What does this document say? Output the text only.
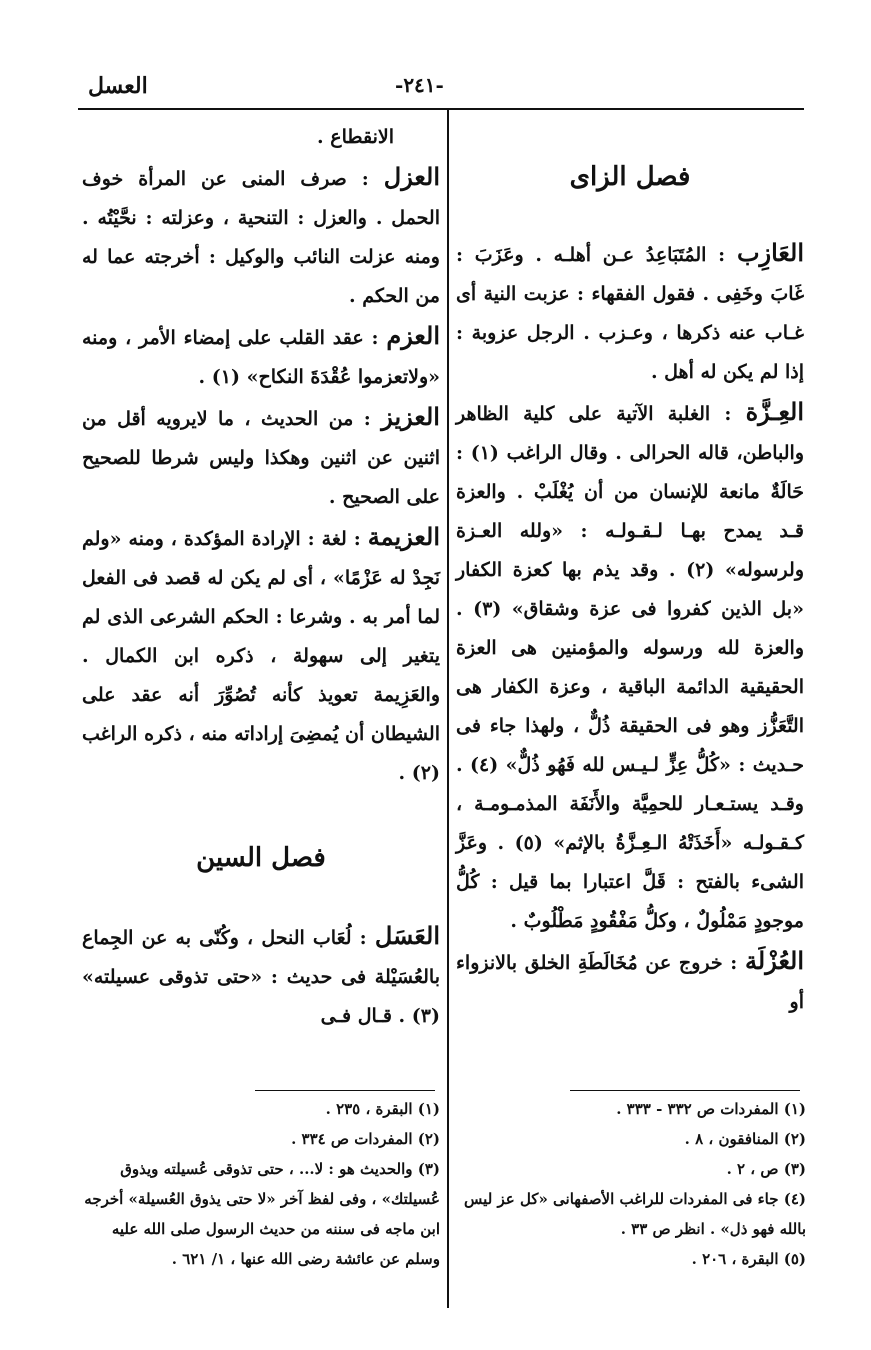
العسل	-٢٤١-
فصل الزاى

العَازِب : المُتَبَاعِدُ عـن أهلـه . وعَزَبَ : غَابَ وخَفِى . فقول الفقهاء : عزبت النية أى غـاب عنه ذكرها ، وعـزب . الرجل عزوبة : إذا لم يكن له أهل .

العِـزَّة : الغلبة الآتية على كلية الظاهر والباطن، قاله الحرالى . وقال الراغب (١) : حَالَةٌ مانعة للإنسان من أن يُغْلَبْ . والعزة قـد يمدح بهـا لـقـولـه : «ولله العـزة ولرسوله» (٢) . وقد يذم بها كعزة الكفار «بل الذين كفروا فى عزة وشقاق» (٣) . والعزة لله ورسوله والمؤمنين هى العزة الحقيقية الدائمة الباقية ، وعزة الكفار هى التَّعَزُّز وهو فى الحقيقة ذُلٌّ ، ولهذا جاء فى حـديث : «كُلُّ عِزٍّ لـيـس لله فَهُو ذُلٌّ» (٤) . وقـد يستـعـار للحمِيَّة والأَنَفَة المذمـومـة ، كـقـولـه «أَخَذَتْهُ الـعِـزَّةُ بالإثم» (٥) . وعَزَّ الشىء بالفتح : قَلَّ اعتبارا بما قيل : كُلُّ موجودٍ مَمْلُولٌ ، وكلُّ مَفْقُودٍ مَطْلُوبٌ .

العُزْلَة : خروج عن مُخَالَطَةِ الخلق بالانزواء أو

الانقطاع .

العزل : صرف المنى عن المرأة خوف الحمل . والعزل : التنحية ، وعزلته : نحَّيْتُه . ومنه عزلت النائب والوكيل : أخرجته عما له من الحكم .

العزم : عقد القلب على إمضاء الأمر ، ومنه «ولاتعزموا عُقْدَةَ النكاح» (١) .

العزيز : من الحديث ، ما لايرويه أقل من اثنين عن اثنين وهكذا وليس شرطا للصحيح على الصحيح .

العزيمة : لغة : الإرادة المؤكدة ، ومنه «ولم نَجِدْ له عَزْمًا» ، أى لم يكن له قصد فى الفعل لما أمر به . وشرعا : الحكم الشرعى الذى لم يتغير إلى سهولة ، ذكره ابن الكمال . والعَزِيمة تعويذ كأنه تُصُوِّرَ أنه عقد على الشيطان أن يُمضِىَ إراداته منه ، ذكره الراغب (٢) .

فصل السين

العَسَل : لُعَاب النحل ، وكُنّى به عن الجِماع بالعُسَيْلة فى حديث : «حتى تذوقى عسيلته» (٣) . قـال فـى

(١) المفردات ص ٣٣٢ - ٣٣٣ .

(٢) المنافقون ، ٨ .

(٣) ص ، ٢ .

(٤) جاء فى المفردات للراغب الأصفهانى «كل عز ليس بالله فهو ذل» . انظر ص ٣٣ .

(٥) البقرة ، ٢٠٦ .

(١) البقرة ، ٢٣٥ .

(٢) المفردات ص ٣٣٤ .

(٣) والحديث هو : لا... ، حتى تذوقى عُسيلته ويذوق عُسيلتك» ، وفى لفظ آخر «لا حتى يذوق العُسيلة» أخرجه ابن ماجه فى سننه من حديث الرسول صلى الله عليه وسلم عن عائشة رضى الله عنها ، ١/ ٦٢١ .
